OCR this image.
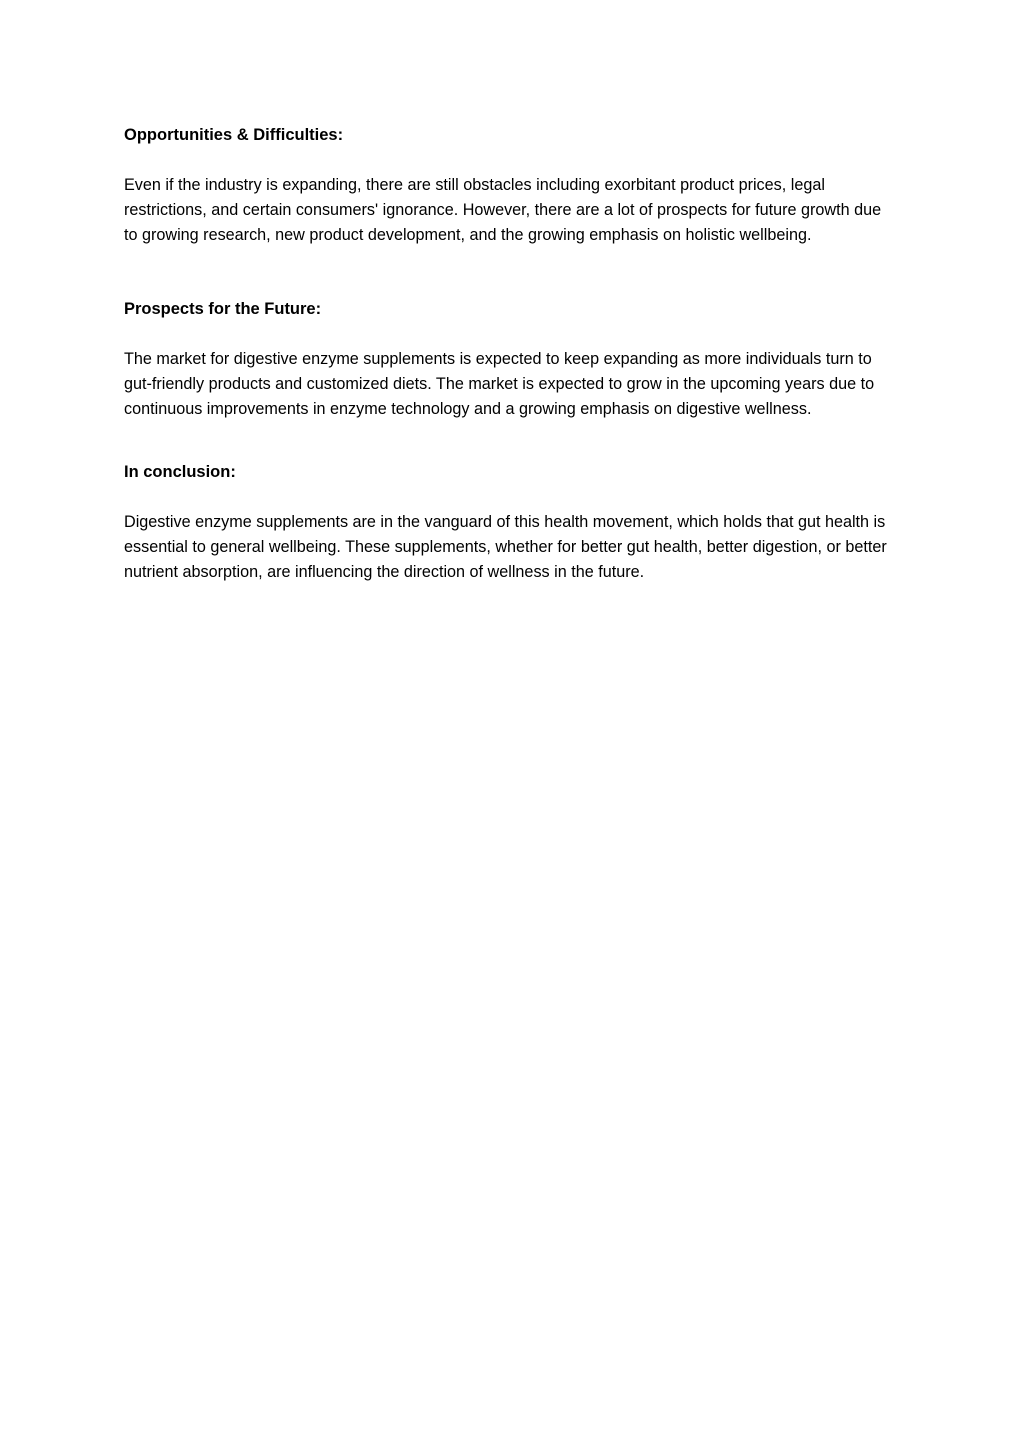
Opportunities & Difficulties:

Even if the industry is expanding, there are still obstacles including exorbitant product prices, legal restrictions, and certain consumers' ignorance. However, there are a lot of prospects for future growth due to growing research, new product development, and the growing emphasis on holistic wellbeing.

Prospects for the Future:

The market for digestive enzyme supplements is expected to keep expanding as more individuals turn to gut-friendly products and customized diets. The market is expected to grow in the upcoming years due to continuous improvements in enzyme technology and a growing emphasis on digestive wellness.

In conclusion:

Digestive enzyme supplements are in the vanguard of this health movement, which holds that gut health is essential to general wellbeing. These supplements, whether for better gut health, better digestion, or better nutrient absorption, are influencing the direction of wellness in the future.
